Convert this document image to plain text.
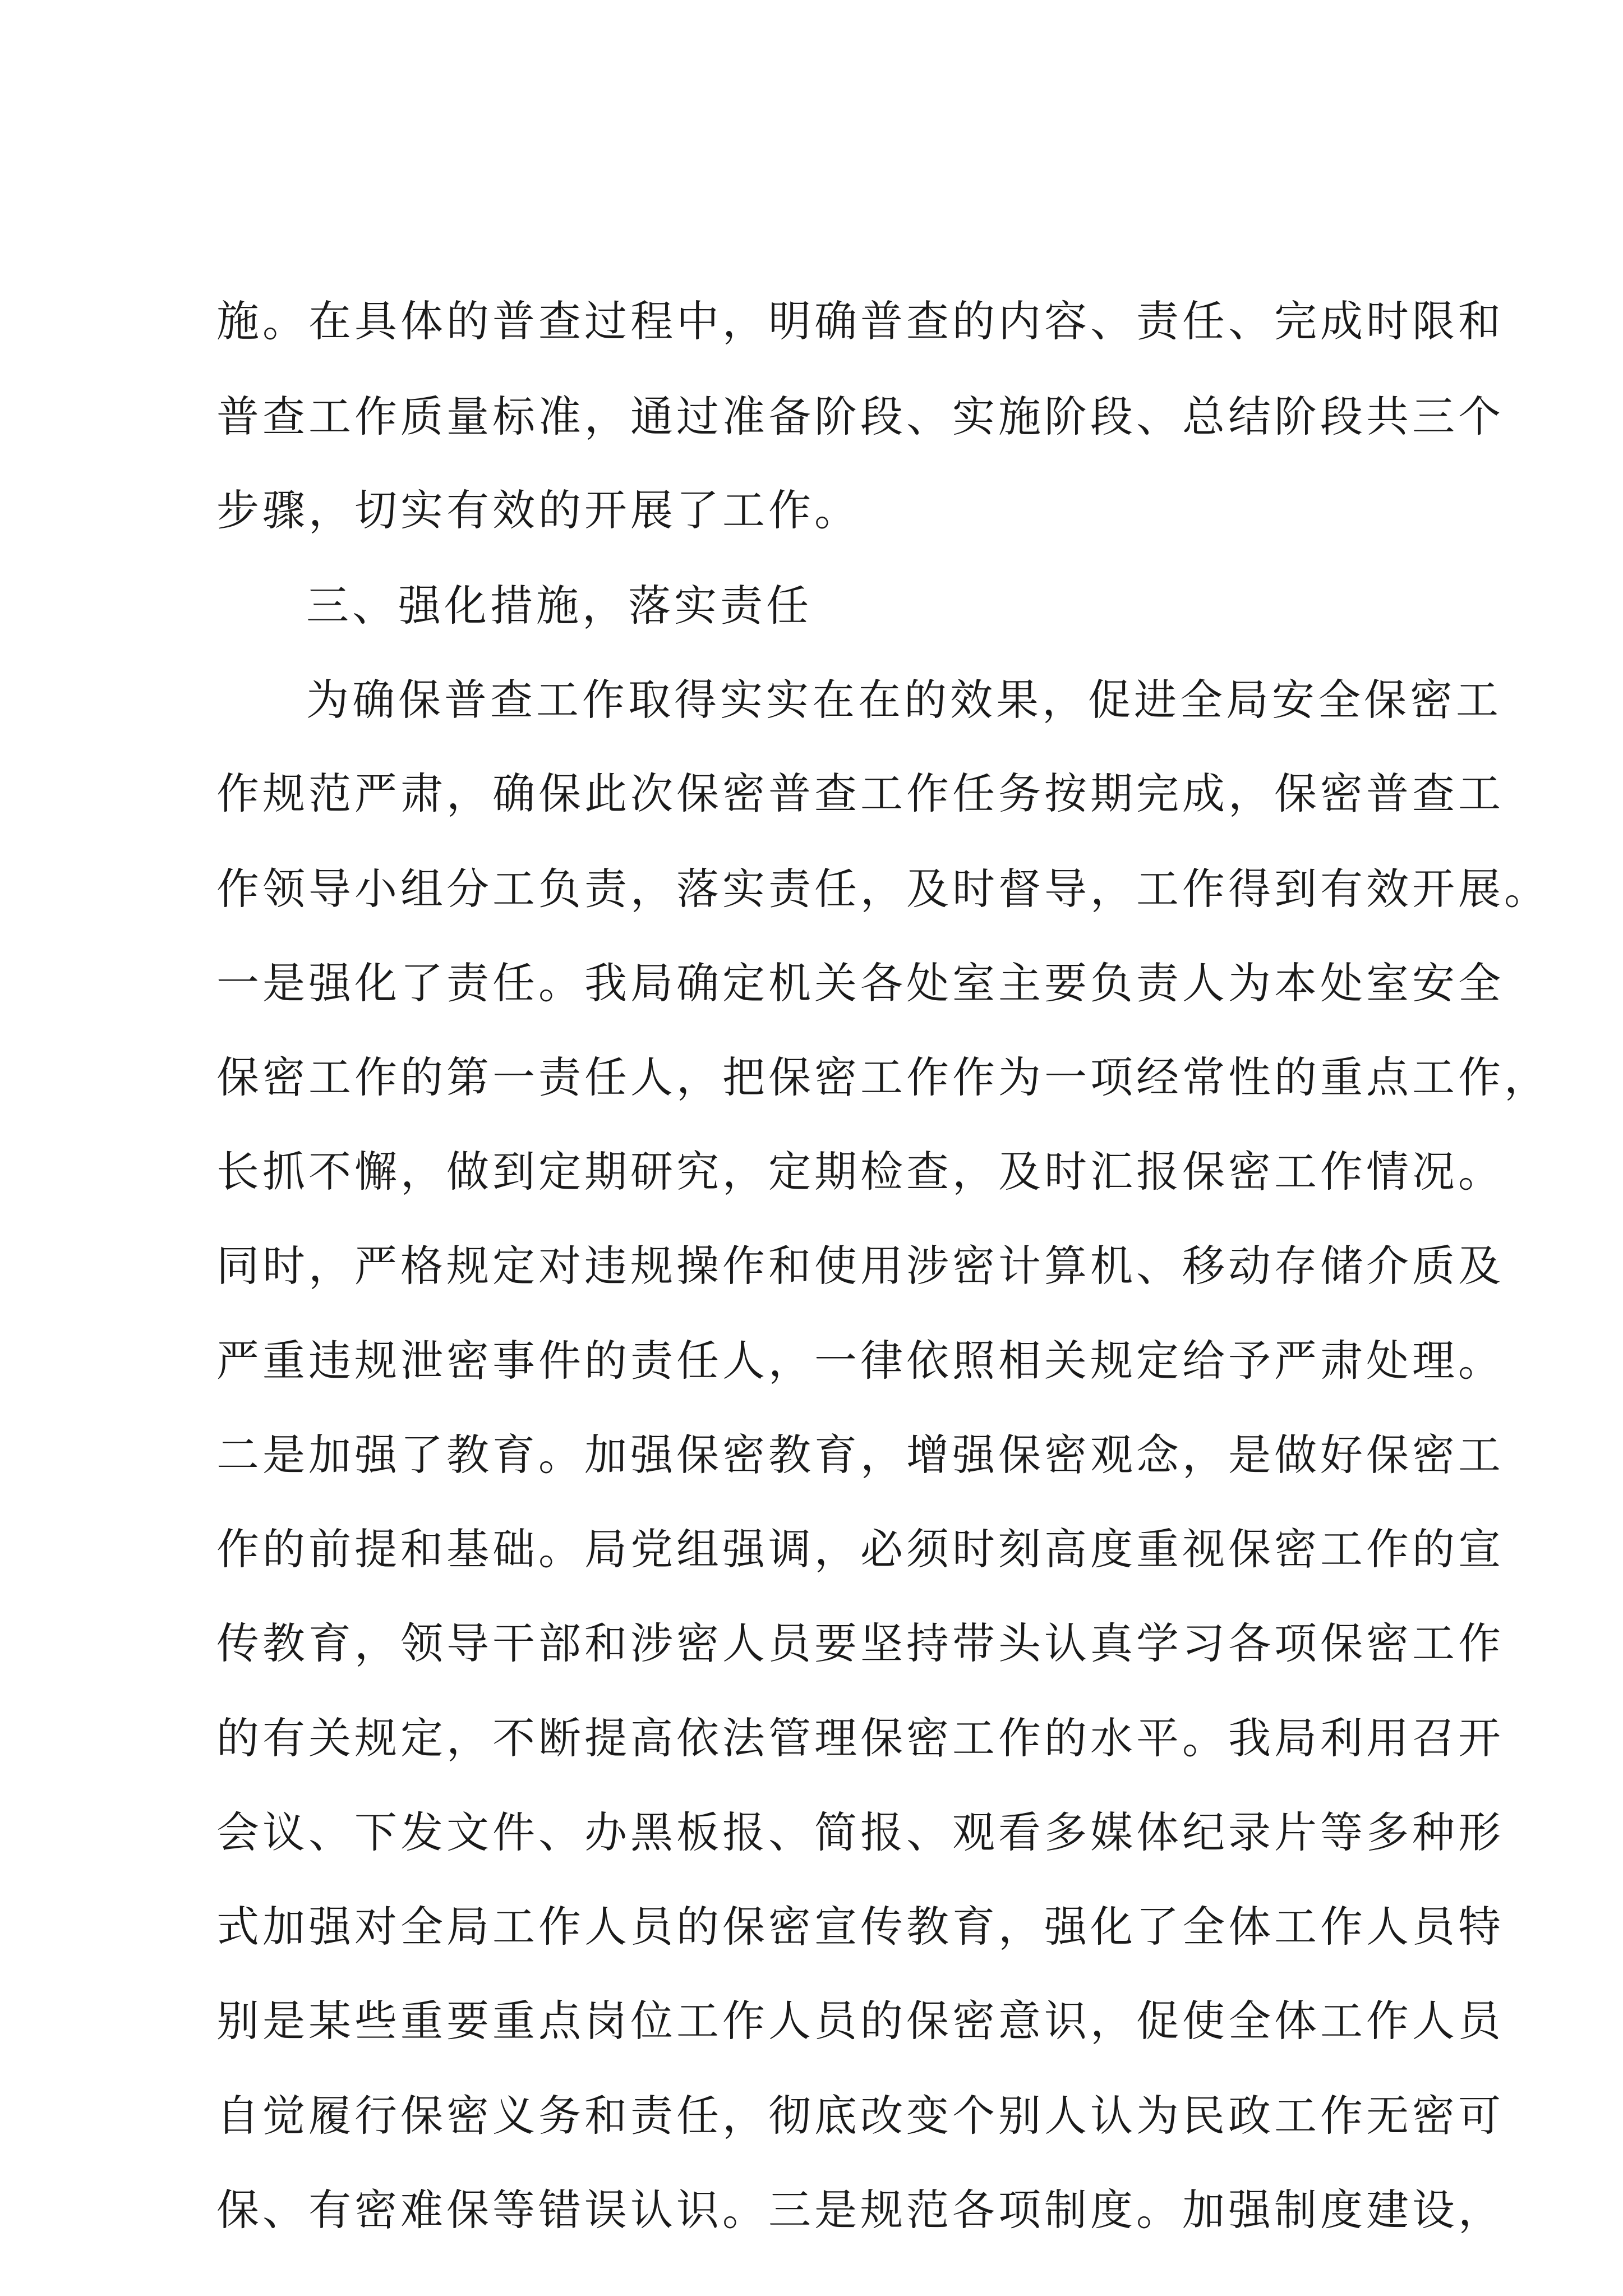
施。在具体的普查过程中，明确普查的内容、责任、完成时限和
普查工作质量标准，通过准备阶段、实施阶段、总结阶段共三个
步骤，切实有效的开展了工作。
三、强化措施，落实责任
为确保普查工作取得实实在在的效果，促进全局安全保密工
作规范严肃，确保此次保密普查工作任务按期完成，保密普查工
作领导小组分工负责，落实责任，及时督导，工作得到有效开展。
一是强化了责任。我局确定机关各处室主要负责人为本处室安全
保密工作的第一责任人，把保密工作作为一项经常性的重点工作，
长抓不懈，做到定期研究，定期检查，及时汇报保密工作情况。
同时，严格规定对违规操作和使用涉密计算机、移动存储介质及
严重违规泄密事件的责任人，一律依照相关规定给予严肃处理。
二是加强了教育。加强保密教育，增强保密观念，是做好保密工
作的前提和基础。局党组强调，必须时刻高度重视保密工作的宣
传教育，领导干部和涉密人员要坚持带头认真学习各项保密工作
的有关规定，不断提高依法管理保密工作的水平。我局利用召开
会议、下发文件、办黑板报、简报、观看多媒体纪录片等多种形
式加强对全局工作人员的保密宣传教育，强化了全体工作人员特
别是某些重要重点岗位工作人员的保密意识，促使全体工作人员
自觉履行保密义务和责任，彻底改变个别人认为民政工作无密可
保、有密难保等错误认识。三是规范各项制度。加强制度建设，
